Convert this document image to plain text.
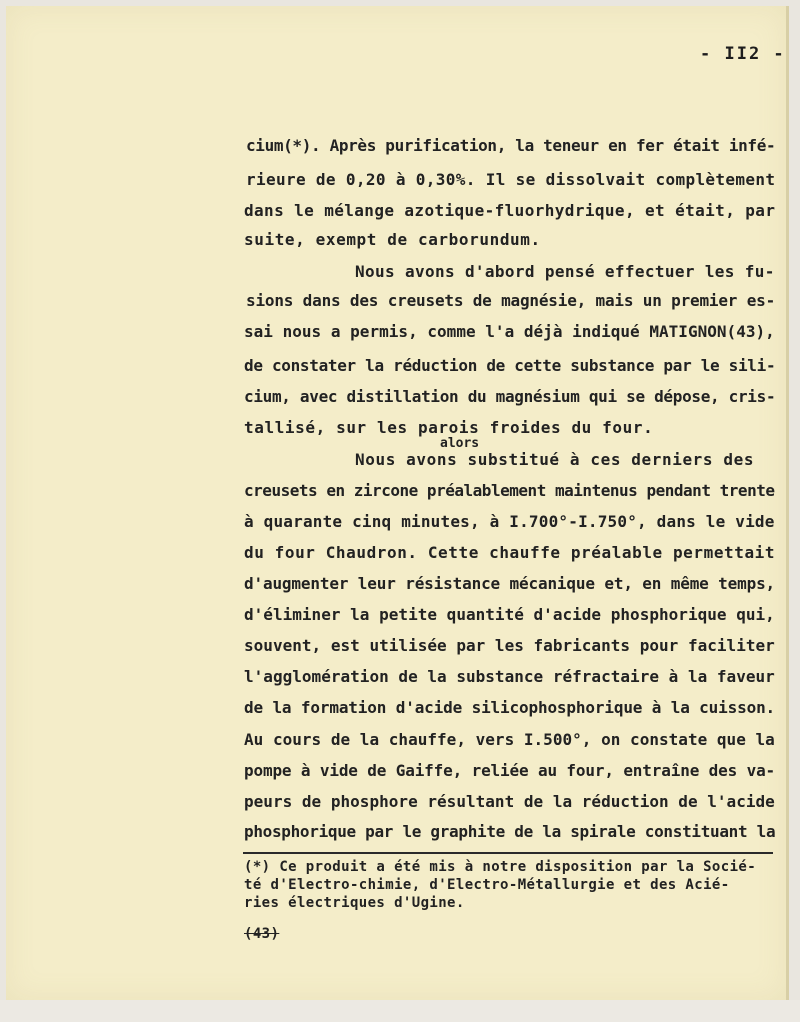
- II2 -
cium(*). Après purification, la teneur en fer était infé-
rieure de 0,20 à 0,30%. Il se dissolvait complètement
dans le mélange azotique-fluorhydrique, et était, par
suite, exempt de carborundum.
Nous avons d'abord pensé effectuer les fu-
sions dans des creusets de magnésie, mais un premier es-
sai nous a permis, comme l'a déjà indiqué MATIGNON(43),
de constater la réduction de cette substance par le sili-
cium, avec distillation du magnésium qui se dépose, cris-
tallisé, sur les parois froides du four.
Nous avons substitué à ces derniers des
creusets en zircone préalablement maintenus pendant trente
à quarante cinq minutes, à I.700°-I.750°, dans le vide
du four Chaudron. Cette chauffe préalable permettait
d'augmenter leur résistance mécanique et, en même temps,
d'éliminer la petite quantité d'acide phosphorique qui,
souvent, est utilisée par les fabricants pour faciliter
l'agglomération de la substance réfractaire à la faveur
de la formation d'acide silicophosphorique à la cuisson.
Au cours de la chauffe, vers I.500°, on constate que la
pompe à vide de Gaiffe, reliée au four, entraîne des va-
peurs de phosphore résultant de la réduction de l'acide
phosphorique par le graphite de la spirale constituant la
alors
(*) Ce produit a été mis à notre disposition par la Socié-
té d'Electro-chimie, d'Electro-Métallurgie et des Acié-
ries électriques d'Ugine.
(43)
